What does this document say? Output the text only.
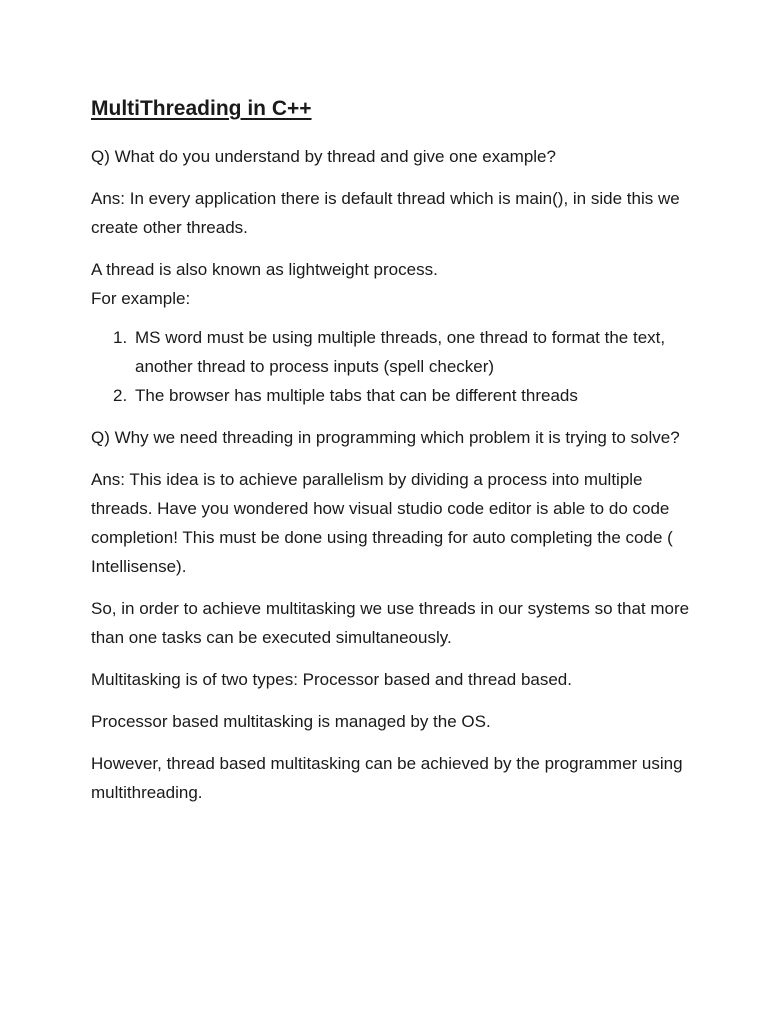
MultiThreading in C++

Q) What do you understand by thread and give one example?

Ans: In every application there is default thread which is main(), in side this we create other threads.

A thread is also known as lightweight process.

For example:

1. MS word must be using multiple threads, one thread to format the text, another thread to process inputs (spell checker)
2. The browser has multiple tabs that can be different threads

Q) Why we need threading in programming which problem it is trying to solve?

Ans: This idea is to achieve parallelism by dividing a process into multiple threads. Have you wondered how visual studio code editor is able to do code completion! This must be done using threading for auto completing the code ( Intellisense).

So, in order to achieve multitasking we use threads in our systems so that more than one tasks can be executed simultaneously.

Multitasking is of two types: Processor based and thread based.

Processor based multitasking is managed by the OS.

However, thread based multitasking can be achieved by the programmer using multithreading.
